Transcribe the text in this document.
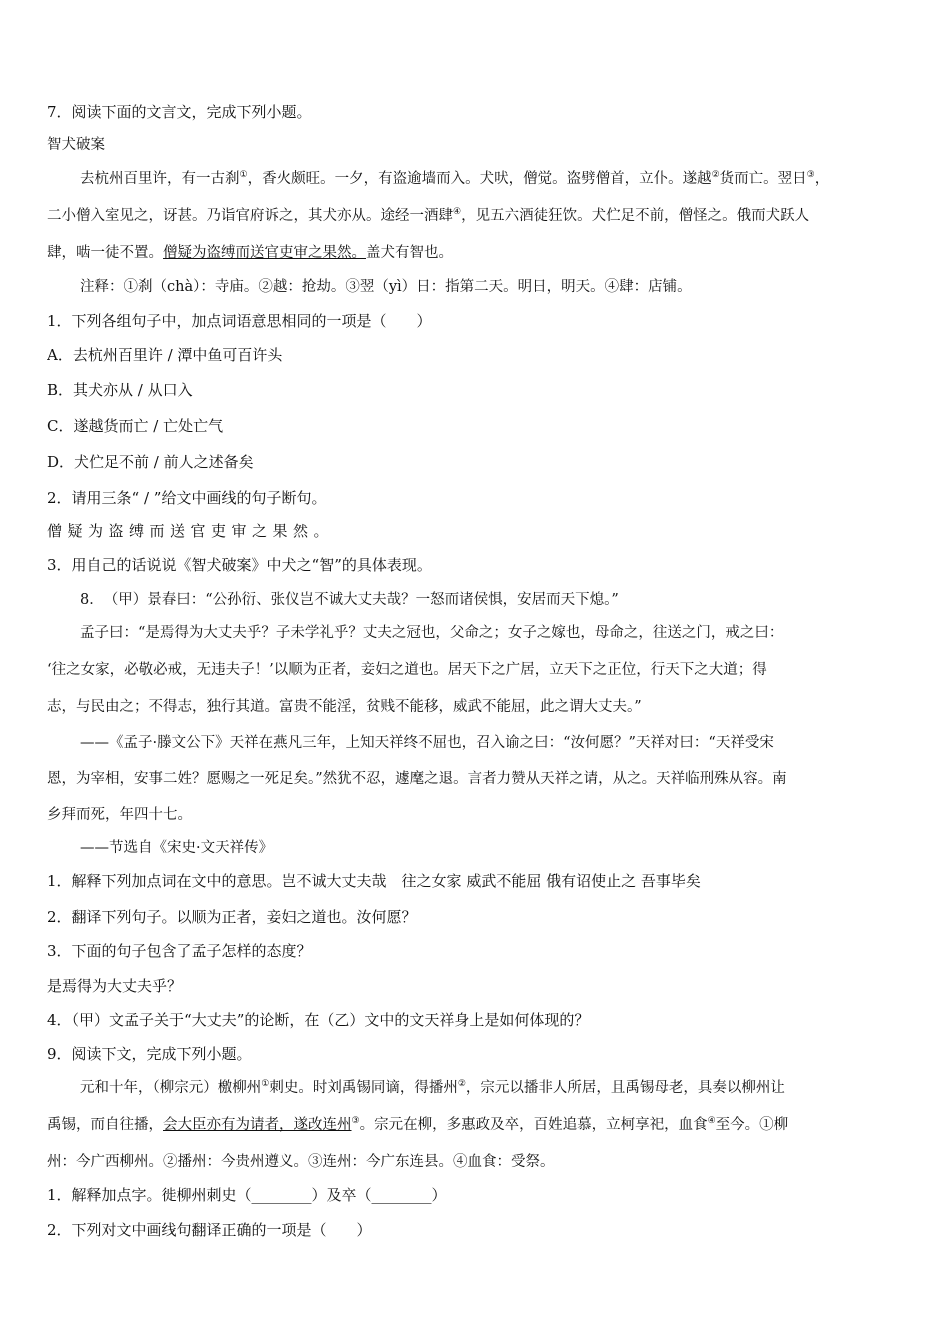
7．阅读下面的文言文，完成下列小题。
智犬破案
去杭州百里许，有一古刹①，香火颇旺。一夕，有盗逾墙而入。犬吠，僧觉。盗劈僧首，立仆。遂越②货而亡。翌日③，
二小僧入室见之，讶甚。乃诣官府诉之，其犬亦从。途经一酒肆④，见五六酒徒狂饮。犬伫足不前，僧怪之。俄而犬跃人
肆，啮一徒不置。僧疑为盗缚而送官吏审之果然。盖犬有智也。
注释：①刹（chà）：寺庙。②越：抢劫。③翌（yì）日：指第二天。明日，明天。④肆：店铺。
1．下列各组句子中，加点词语意思相同的一项是（　　）
A．去杭州百里许 / 潭中鱼可百许头
B．其犬亦从 / 从口入
C．遂越货而亡 / 亡处亡气
D．犬伫足不前 / 前人之述备矣
2．请用三条“ / ”给文中画线的句子断句。
僧疑为盗缚而送官吏审之果然。
3．用自己的话说说《智犬破案》中犬之“智”的具体表现。
8．　（甲）景春曰：“公孙衍、张仪岂不诚大丈夫哉？一怒而诸侯惧，安居而天下熄。”
孟子曰：“是焉得为大丈夫乎？子未学礼乎？丈夫之冠也，父命之；女子之嫁也，母命之，往送之门，戒之曰：
‘往之女家，必敬必戒，无违夫子！’以顺为正者，妾妇之道也。居天下之广居，立天下之正位，行天下之大道；得
志，与民由之；不得志，独行其道。富贵不能淫，贫贱不能移，威武不能屈，此之谓大丈夫。”
——《孟子·滕文公下》天祥在燕凡三年，上知天祥终不屈也，召入谕之曰：“汝何愿？”天祥对曰：“天祥受宋
恩，为宰相，安事二姓？愿赐之一死足矣。”然犹不忍，遽麾之退。言者力赞从天祥之请，从之。天祥临刑殊从容。南
乡拜而死，年四十七。
——节选自《宋史·文天祥传》
1．解释下列加点词在文中的意思。岂不诚大丈夫哉　往之女家 威武不能屈 俄有诏使止之 吾事毕矣
2．翻译下列句子。以顺为正者，妾妇之道也。汝何愿？
3．下面的句子包含了孟子怎样的态度？
是焉得为大丈夫乎？
4．（甲）文孟子关于“大丈夫”的论断，在（乙）文中的文天祥身上是如何体现的？
9．阅读下文，完成下列小题。
元和十年，（柳宗元）檄柳州①刺史。时刘禹锡同谪，得播州②，宗元以播非人所居，且禹锡母老，具奏以柳州让
禹锡，而自往播，会大臣亦有为请者，遂改连州③。宗元在柳，多惠政及卒，百姓追慕，立柯享祀，血食④至今。①柳
州：今广西柳州。②播州：今贵州遵义。③连州：今广东连县。④血食：受祭。
1．解释加点字。徙柳州刺史（________）及卒（________）
2．下列对文中画线句翻译正确的一项是（　　）
